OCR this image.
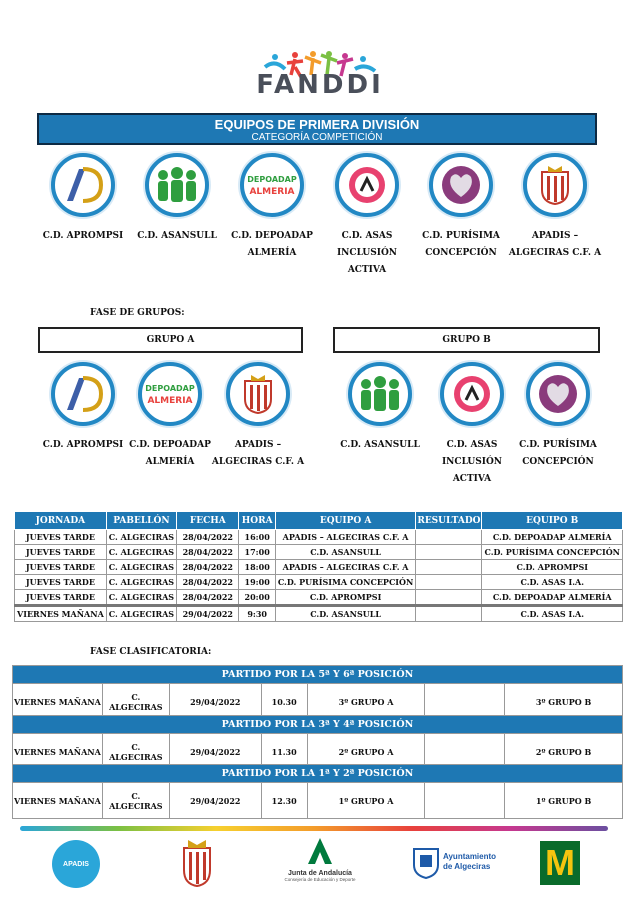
FANDDI
EQUIPOS DE PRIMERA DIVISIÓN
CATEGORÍA COMPETICIÓN
C.D. APROMPSI	C.D. ASANSULL
DEPOADAP
ALMERIA
C.D. DEPOADAP
ALMERÍA
C.D. ASAS
INCLUSIÓN
ACTIVA
C.D. PURÍSIMA
CONCEPCIÓN
APADIS –
ALGECIRAS C.F. A
FASE DE GRUPOS:
GRUPO A	GRUPO B
C.D. APROMPSI
DEPOADAP
ALMERIA
C.D. DEPOADAP
ALMERÍA
APADIS –
ALGECIRAS C.F. A
C.D. ASANSULL	C.D. ASAS
INCLUSIÓN
ACTIVA
C.D. PURÍSIMA
CONCEPCIÓN
JORNADA	PABELLÓN	FECHA	HORA	EQUIPO A	RESULTADO	EQUIPO B
JUEVES TARDE	C. ALGECIRAS	28/04/2022	16:00	APADIS – ALGECIRAS C.F. A		C.D. DEPOADAP ALMERÍA
JUEVES TARDE	C. ALGECIRAS	28/04/2022	17:00	C.D. ASANSULL		C.D. PURÍSIMA CONCEPCIÓN
JUEVES TARDE	C. ALGECIRAS	28/04/2022	18:00	APADIS – ALGECIRAS C.F. A		C.D. APROMPSI
JUEVES TARDE	C. ALGECIRAS	28/04/2022	19:00	C.D. PURÍSIMA CONCEPCIÓN		C.D. ASAS I.A.
JUEVES TARDE	C. ALGECIRAS	28/04/2022	20:00	C.D. APROMPSI		C.D. DEPOADAP ALMERÍA
VIERNES MAÑANA	C. ALGECIRAS	29/04/2022	9:30	C.D. ASANSULL		C.D. ASAS I.A.
FASE CLASIFICATORIA:
PARTIDO POR LA 5ª Y 6ª POSICIÓN
VIERNES MAÑANA	C. ALGECIRAS	29/04/2022	10.30	3º GRUPO A		3º GRUPO B
PARTIDO POR LA 3ª Y 4ª POSICIÓN
VIERNES MAÑANA	C. ALGECIRAS	29/04/2022	11.30	2º GRUPO A		2º GRUPO B
PARTIDO POR LA 1ª Y 2ª POSICIÓN
VIERNES MAÑANA	C. ALGECIRAS	29/04/2022	12.30	1º GRUPO A		1º GRUPO B
APADIS
Junta de Andalucía
Consejería de Educación y Deporte
Ayuntamiento
de Algeciras M
